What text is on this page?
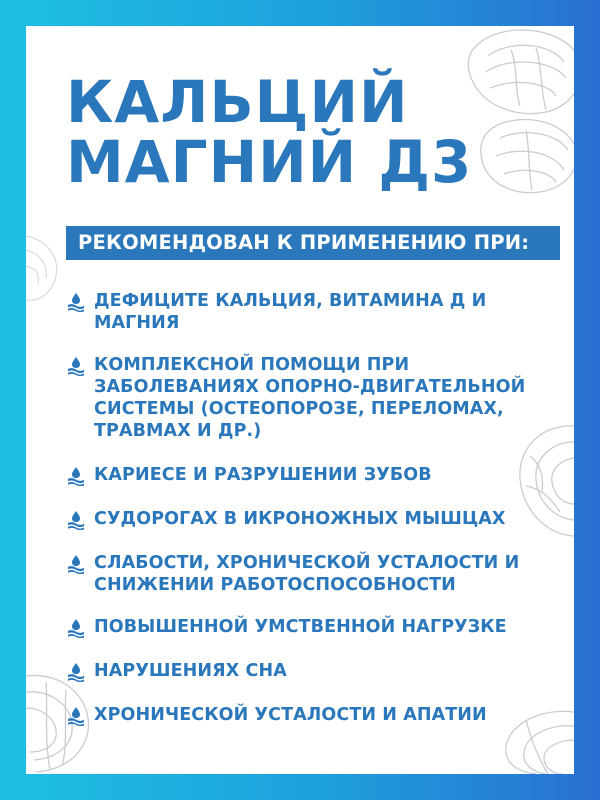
КАЛЬЦИЙ
МАГНИЙ Д3
РЕКОМЕНДОВАН К ПРИМЕНЕНИЮ ПРИ:
ДЕФИЦИТЕ КАЛЬЦИЯ, ВИТАМИНА Д И
МАГНИЯ
КОМПЛЕКСНОЙ ПОМОЩИ ПРИ
ЗАБОЛЕВАНИЯХ ОПОРНО-ДВИГАТЕЛЬНОЙ
СИСТЕМЫ (ОСТЕОПОРОЗЕ, ПЕРЕЛОМАХ,
ТРАВМАХ И ДР.)
КАРИЕСЕ И РАЗРУШЕНИИ ЗУБОВ
СУДОРОГАХ В ИКРОНОЖНЫХ МЫШЦАХ
СЛАБОСТИ, ХРОНИЧЕСКОЙ УСТАЛОСТИ И
СНИЖЕНИИ РАБОТОСПОСОБНОСТИ
ПОВЫШЕННОЙ УМСТВЕННОЙ НАГРУЗКЕ
НАРУШЕНИЯХ СНА
ХРОНИЧЕСКОЙ УСТАЛОСТИ И АПАТИИ
